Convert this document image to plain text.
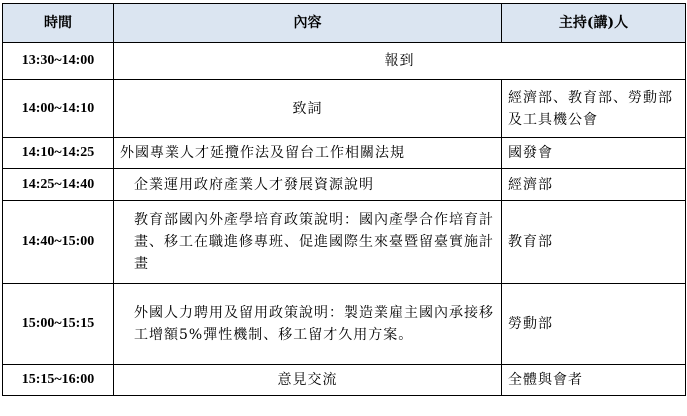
時間	內容	主持(講)人
13:30~14:00	報到	

14:00~14:10	致詞	經濟部、教育部、勞動部及工具機公會

14:10~14:25	外國專業人才延攬作法及留台工作相關法規	國發會

14:25~14:40	企業運用政府產業人才發展資源說明	經濟部

14:40~15:00	教育部國內外產學培育政策說明：國內產學合作培育計畫、移工在職進修專班、促進國際生來臺暨留臺實施計畫	教育部

15:00~15:15	外國人力聘用及留用政策說明：製造業雇主國內承接移工增額5%彈性機制、移工留才久用方案。	勞動部

15:15~16:00	意見交流	全體與會者
